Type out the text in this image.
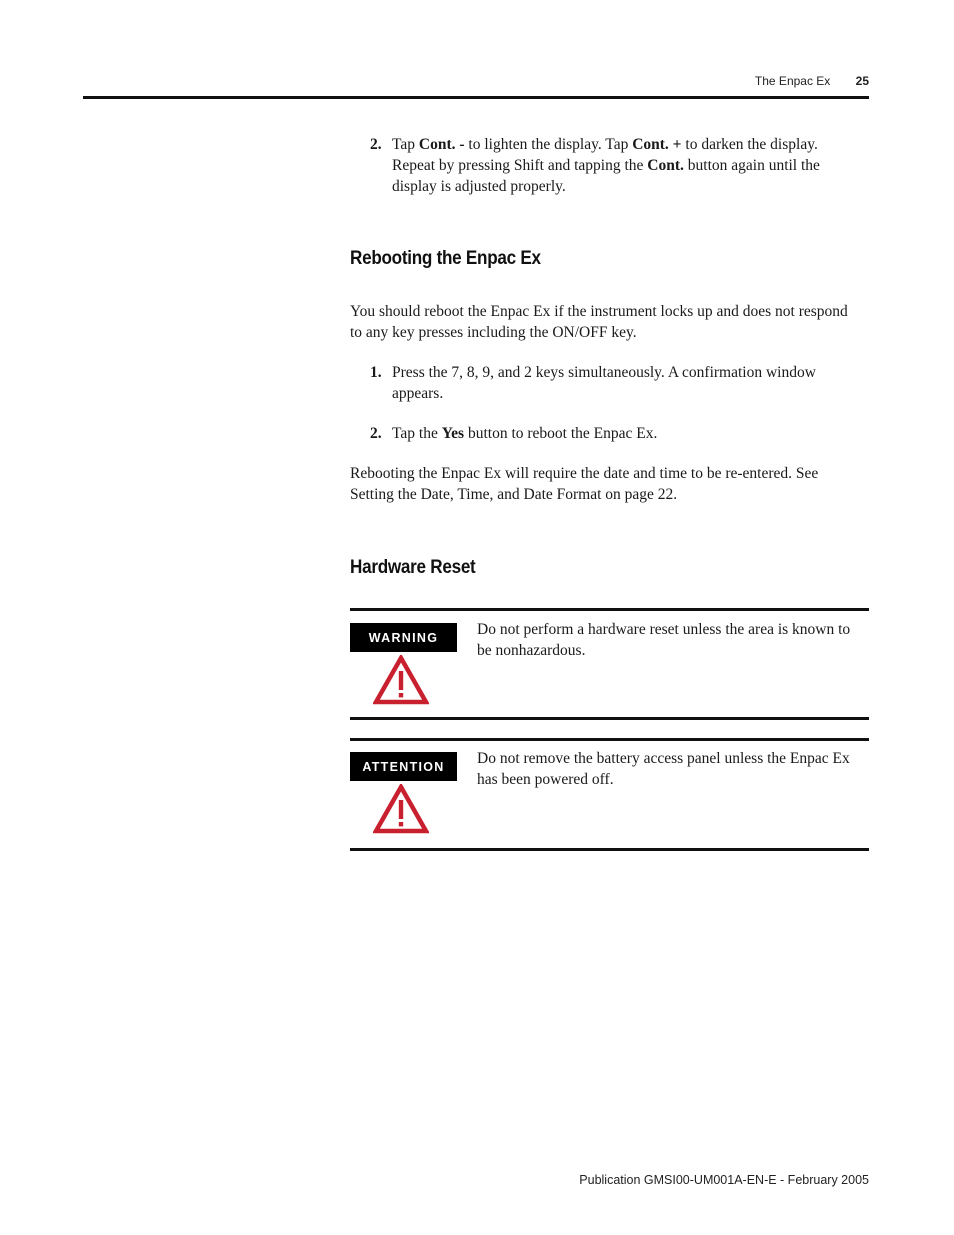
The Enpac Ex 25
2. Tap Cont. - to lighten the display. Tap Cont. + to darken the display. Repeat by pressing Shift and tapping the Cont. button again until the display is adjusted properly.
Rebooting the Enpac Ex
You should reboot the Enpac Ex if the instrument locks up and does not respond to any key presses including the ON/OFF key.
1. Press the 7, 8, 9, and 2 keys simultaneously. A confirmation window appears.
2. Tap the Yes button to reboot the Enpac Ex.
Rebooting the Enpac Ex will require the date and time to be re-entered. See Setting the Date, Time, and Date Format on page 22.
Hardware Reset
WARNING	Do not perform a hardware reset unless the area is known to be nonhazardous.
ATTENTION	Do not remove the battery access panel unless the Enpac Ex has been powered off.
Publication GMSI00-UM001A-EN-E - February 2005
